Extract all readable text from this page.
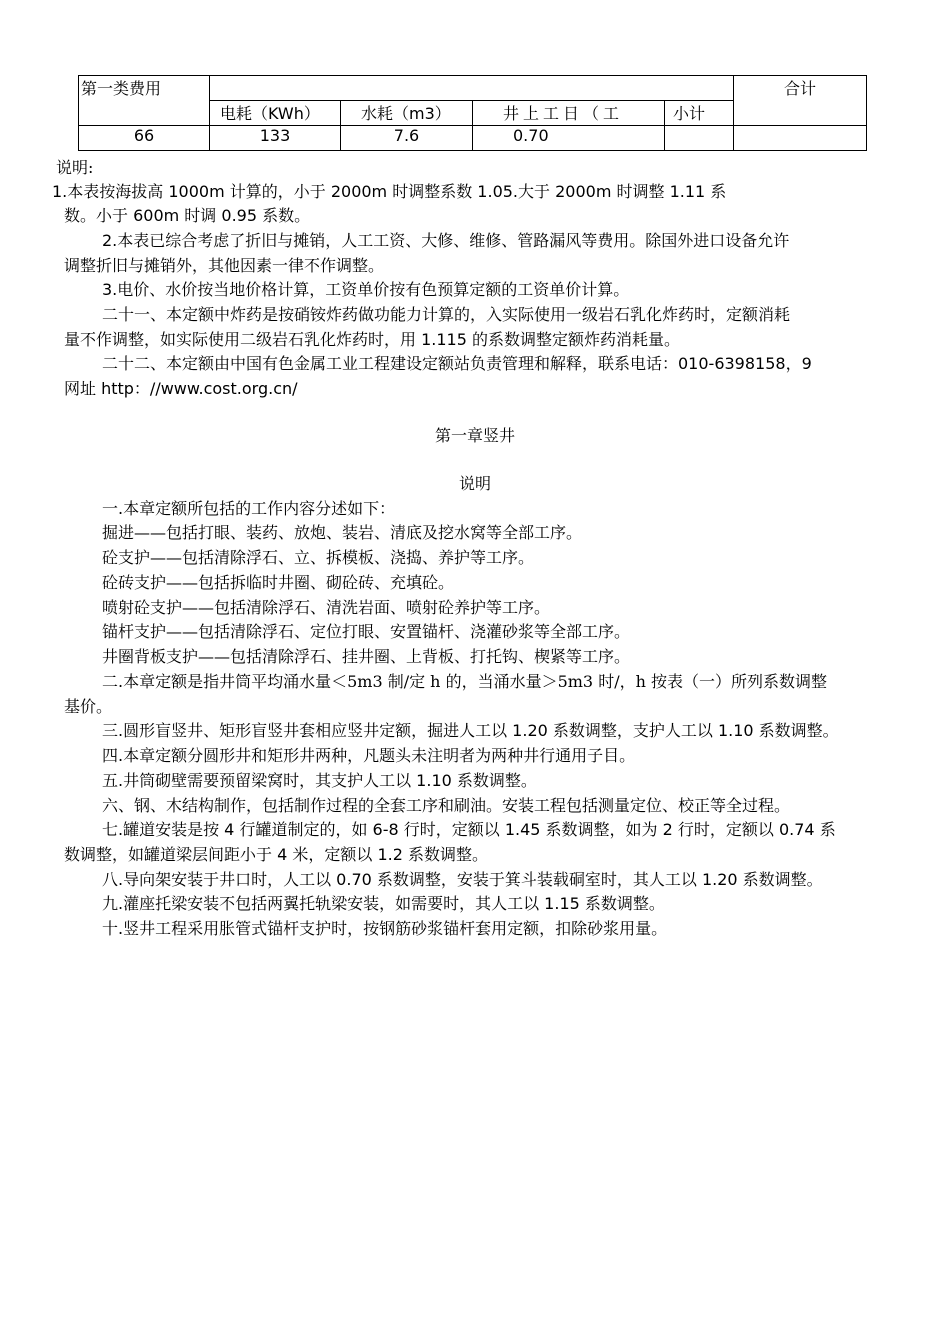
第一类费用					合计
	电耗（KWh）	水耗（m3）	井上工日（工	小计	
66	133	7.6	0.70		
说明:
1.本表按海拔高 1000m 计算的，小于 2000m 时调整系数 1.05.大于 2000m 时调整 1.11 系
数。小于 600m 时调 0.95 系数。
2.本表已综合考虑了折旧与摊销，人工工资、大修、维修、管路漏风等费用。除国外进口设备允许
调整折旧与摊销外，其他因素一律不作调整。
3.电价、水价按当地价格计算，工资单价按有色预算定额的工资单价计算。
二十一、本定额中炸药是按硝铵炸药做功能力计算的，入实际使用一级岩石乳化炸药时，定额消耗
量不作调整，如实际使用二级岩石乳化炸药时，用 1.115 的系数调整定额炸药消耗量。
二十二、本定额由中国有色金属工业工程建设定额站负责管理和解释，联系电话：010-6398158，9
网址 http：//www.cost.org.cn/
第一章竖井
说明
一.本章定额所包括的工作内容分述如下：
掘进——包括打眼、装药、放炮、装岩、清底及挖水窝等全部工序。
砼支护——包括清除浮石、立、拆模板、浇捣、养护等工序。
砼砖支护——包括拆临时井圈、砌砼砖、充填砼。
喷射砼支护——包括清除浮石、清洗岩面、喷射砼养护等工序。
锚杆支护——包括清除浮石、定位打眼、安置锚杆、浇灌砂浆等全部工序。
井圈背板支护——包括清除浮石、挂井圈、上背板、打托钩、楔紧等工序。
二.本章定额是指井筒平均涌水量＜5m3 制/定 h 的，当涌水量＞5m3 时/，h 按表（一）所列系数调整
基价。
三.圆形盲竖井、矩形盲竖井套相应竖井定额，掘进人工以 1.20 系数调整，支护人工以 1.10 系数调整。
四.本章定额分圆形井和矩形井两种，凡题头未注明者为两种井行通用子目。
五.井筒砌壁需要预留梁窝时，其支护人工以 1.10 系数调整。
六、钢、木结构制作，包括制作过程的全套工序和刷油。安装工程包括测量定位、校正等全过程。
七.罐道安装是按 4 行罐道制定的，如 6-8 行时，定额以 1.45 系数调整，如为 2 行时，定额以 0.74 系
数调整，如罐道梁层间距小于 4 米，定额以 1.2 系数调整。
八.导向架安装于井口时，人工以 0.70 系数调整，安装于箕斗装载硐室时，其人工以 1.20 系数调整。
九.灌座托梁安装不包括两翼托轨梁安装，如需要时，其人工以 1.15 系数调整。
十.竖井工程采用胀管式锚杆支护时，按钢筋砂浆锚杆套用定额，扣除砂浆用量。
